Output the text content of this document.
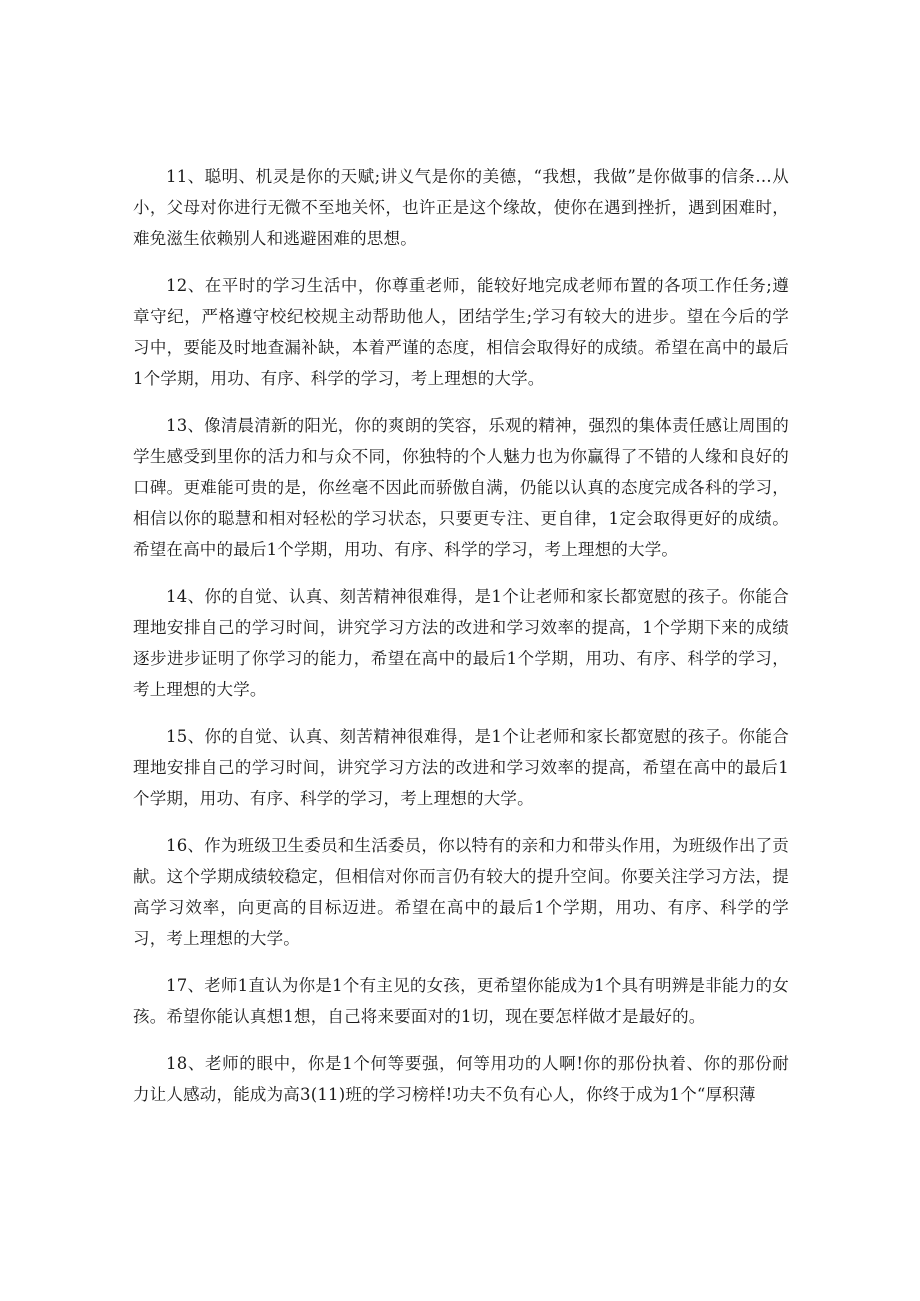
11、聪明、机灵是你的天赋;讲义气是你的美德，“我想，我做”是你做事的信条…从小，父母对你进行无微不至地关怀，也许正是这个缘故，使你在遇到挫折，遇到困难时，难免滋生依赖别人和逃避困难的思想。

12、在平时的学习生活中，你尊重老师，能较好地完成老师布置的各项工作任务;遵章守纪，严格遵守校纪校规主动帮助他人，团结学生;学习有较大的进步。望在今后的学习中，要能及时地查漏补缺，本着严谨的态度，相信会取得好的成绩。希望在高中的最后1个学期，用功、有序、科学的学习，考上理想的大学。

13、像清晨清新的阳光，你的爽朗的笑容，乐观的精神，强烈的集体责任感让周围的学生感受到里你的活力和与众不同，你独特的个人魅力也为你赢得了不错的人缘和良好的口碑。更难能可贵的是，你丝毫不因此而骄傲自满，仍能以认真的态度完成各科的学习，相信以你的聪慧和相对轻松的学习状态，只要更专注、更自律，1定会取得更好的成绩。希望在高中的最后1个学期，用功、有序、科学的学习，考上理想的大学。

14、你的自觉、认真、刻苦精神很难得，是1个让老师和家长都宽慰的孩子。你能合理地安排自己的学习时间，讲究学习方法的改进和学习效率的提高，1个学期下来的成绩逐步进步证明了你学习的能力，希望在高中的最后1个学期，用功、有序、科学的学习，考上理想的大学。

15、你的自觉、认真、刻苦精神很难得，是1个让老师和家长都宽慰的孩子。你能合理地安排自己的学习时间，讲究学习方法的改进和学习效率的提高，希望在高中的最后1个学期，用功、有序、科学的学习，考上理想的大学。

16、作为班级卫生委员和生活委员，你以特有的亲和力和带头作用，为班级作出了贡献。这个学期成绩较稳定，但相信对你而言仍有较大的提升空间。你要关注学习方法，提高学习效率，向更高的目标迈进。希望在高中的最后1个学期，用功、有序、科学的学习，考上理想的大学。

17、老师1直认为你是1个有主见的女孩，更希望你能成为1个具有明辨是非能力的女孩。希望你能认真想1想，自己将来要面对的1切，现在要怎样做才是最好的。

18、老师的眼中，你是1个何等要强，何等用功的人啊!你的那份执着、你的那份耐力让人感动，能成为高3(11)班的学习榜样!功夫不负有心人，你终于成为1个“厚积薄
